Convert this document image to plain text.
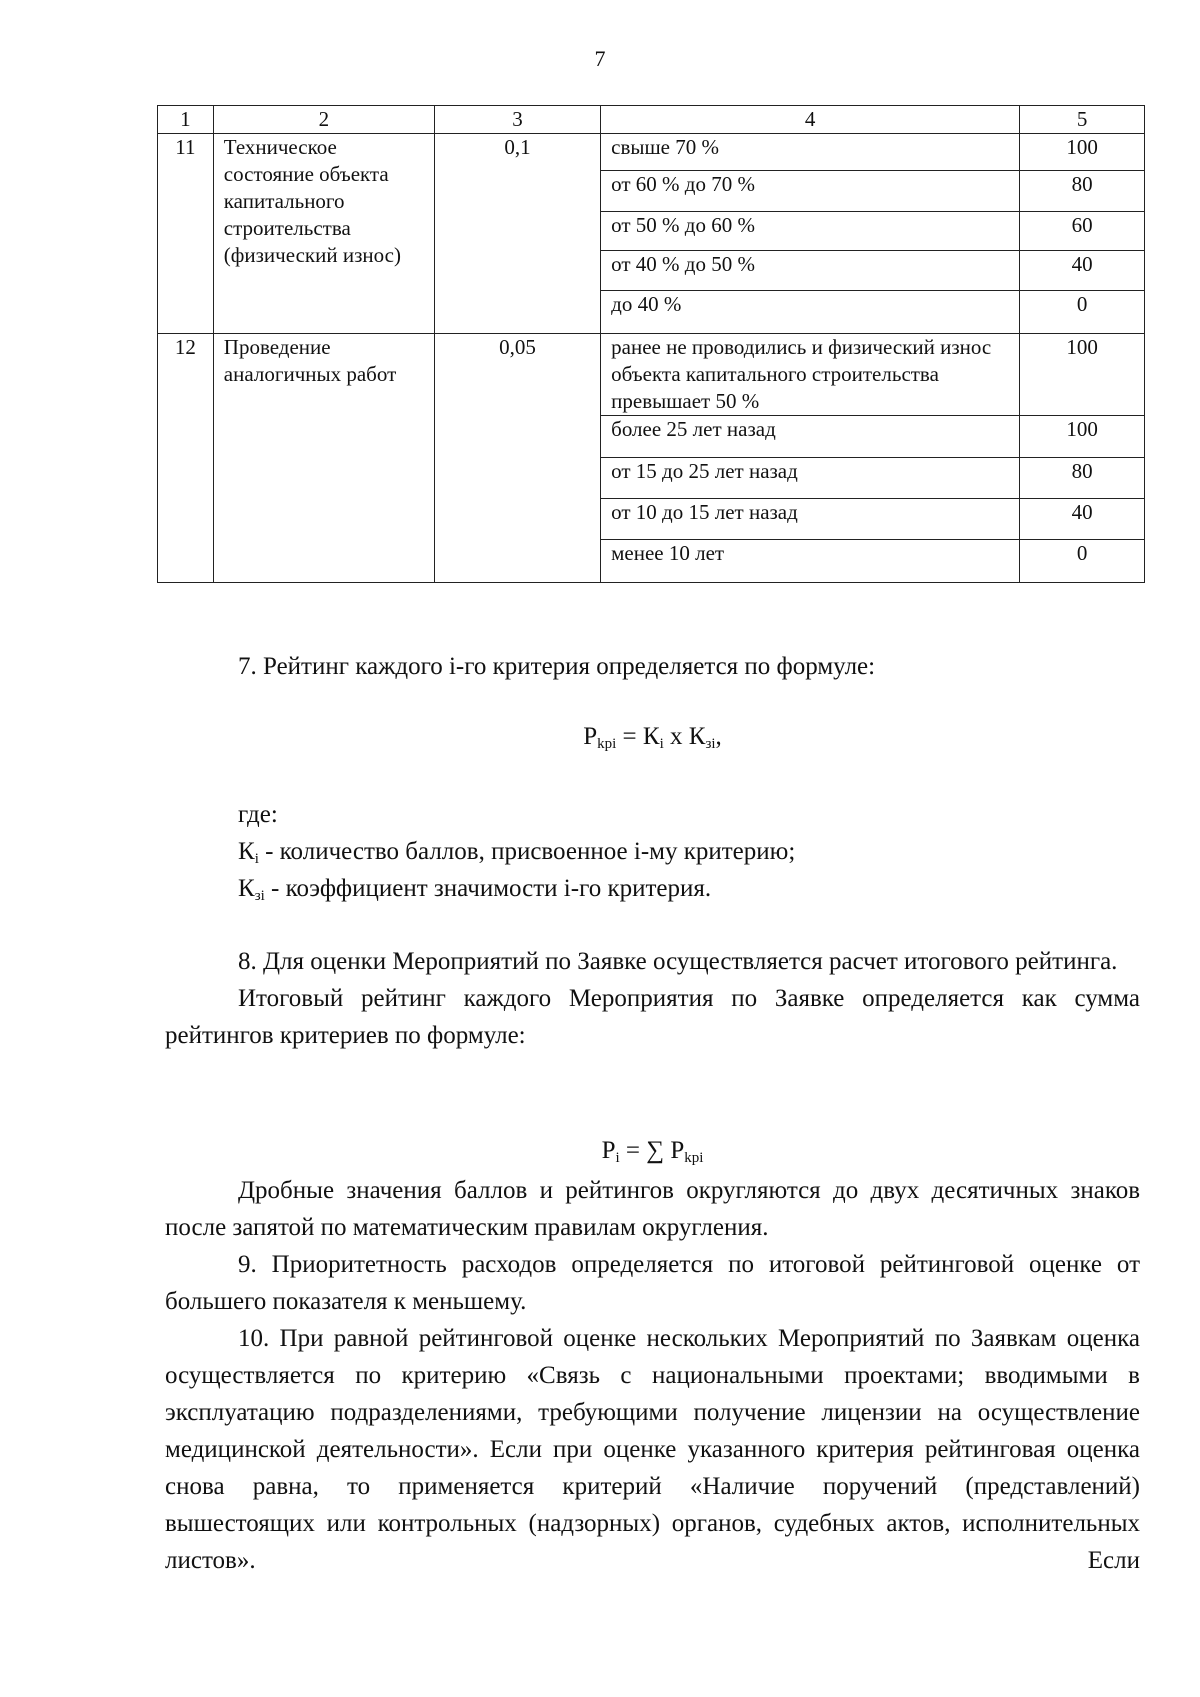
7
1	2	3	4	5
11	Техническое состояние объекта капитального строительства (физический износ)	0,1	свыше 70 %	100
			от 60 % до 70 %	80
			от 50 % до 60 %	60
			от 40 % до 50 %	40
			до 40 %	0
12	Проведение аналогичных работ	0,05	ранее не проводились и физический износ объекта капитального строительства превышает 50 %	100
			более 25 лет назад	100
			от 15 до 25 лет назад	80
			от 10 до 15 лет назад	40
			менее 10 лет	0

7. Рейтинг каждого i-го критерия определяется по формуле:

$Р_{kpi} = К_i$ х $К_{зi}$,

где:

$К_i$ - количество баллов, присвоенное i-му критерию;

$К_{зi}$ - коэффициент значимости i-го критерия.

8. Для оценки Мероприятий по Заявке осуществляется расчет итогового рейтинга.

Итоговый рейтинг каждого Мероприятия по Заявке определяется как сумма рейтингов критериев по формуле:

$Р_i$ = ∑ $Р_{kpi}$

Дробные значения баллов и рейтингов округляются до двух десятичных знаков после запятой по математическим правилам округления.

9. Приоритетность расходов определяется по итоговой рейтинговой оценке от большего показателя к меньшему.

10. При равной рейтинговой оценке нескольких Мероприятий по Заявкам оценка осуществляется по критерию «Связь с национальными проектами; вводимыми в эксплуатацию подразделениями, требующими получение лицензии на осуществление медицинской деятельности». Если при оценке указанного критерия рейтинговая оценка снова равна, то применяется критерий «Наличие поручений (представлений) вышестоящих или контрольных (надзорных) органов, судебных актов, исполнительных листов». Если
